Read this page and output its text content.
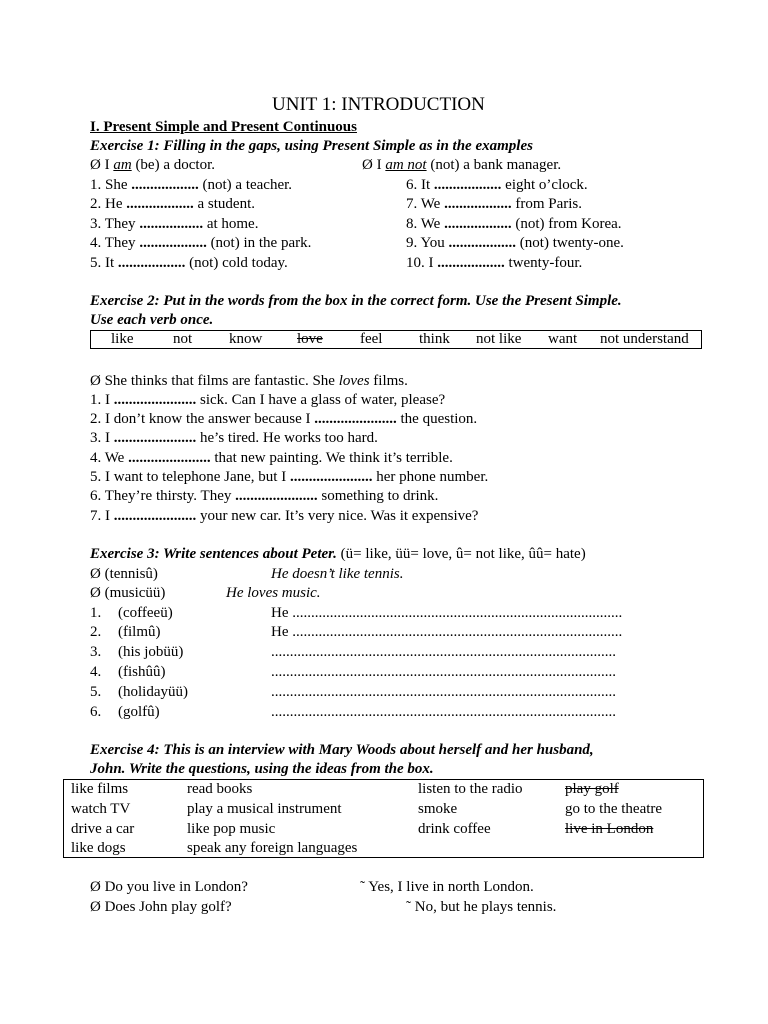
UNIT 1: INTRODUCTION
I. Present Simple and Present Continuous
Exercise 1: Filling in the gaps, using Present Simple as in the examples
Ø I am (be) a doctor.	Ø I am not (not) a bank manager.
1. She .................. (not) a teacher.
2. He .................. a student.
3. They ................. at home.
4. They .................. (not) in the park.
5. It .................. (not) cold today.
6. It .................. eight o’clock.
7. We .................. from Paris.
8. We .................. (not) from Korea.
9. You .................. (not) twenty-one.
10. I .................. twenty-four.
Exercise 2: Put in the words from the box in the correct form. Use the Present Simple.
Use each verb once.
like	not know love feel think not like want not understand
Ø She thinks that films are fantastic. She loves films.
1. I ...................... sick. Can I have a glass of water, please?
2. I don’t know the answer because I ...................... the question.
3. I ...................... he’s tired. He works too hard.
4. We ...................... that new painting. We think it’s terrible.
5. I want to telephone Jane, but I ...................... her phone number.
6. They’re thirsty. They ...................... something to drink.
7. I ...................... your new car. It’s very nice. Was it expensive?
Exercise 3: Write sentences about Peter. (ü= like, üü= love, û= not like, ûû= hate)
Ø (tennisû)	He doesn’t like tennis.
Ø (musicüü)	He loves music.
1. (coffeeü)	He ........................................................................................
2. (filmû)	He ........................................................................................
3. (his jobüü)	............................................................................................
4. (fishûû)	............................................................................................
5. (holidayüü)	............................................................................................
6. (golfû)	............................................................................................
Exercise 4: This is an interview with Mary Woods about herself and her husband,
John. Write the questions, using the ideas from the box.
like films	read books	listen to the radio	play golf
watch TV	play a musical instrument	smoke	go to the theatre
drive a car	like pop music	drink coffee	live in London
like dogs	speak any foreign languages
Ø Do you live in London?	˜ Yes, I live in north London.
Ø Does John play golf?	˜ No, but he plays tennis.
